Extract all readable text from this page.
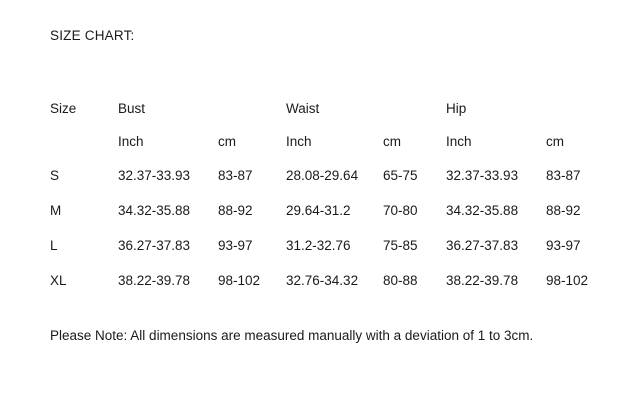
SIZE CHART:
Size	Bust		Waist		Hip	
	Inch	cm	Inch	cm	Inch	cm
S	32.37-33.93	83-87	28.08-29.64	65-75	32.37-33.93	83-87
M	34.32-35.88	88-92	29.64-31.2	70-80	34.32-35.88	88-92
L	36.27-37.83	93-97	31.2-32.76	75-85	36.27-37.83	93-97
XL	38.22-39.78	98-102	32.76-34.32	80-88	38.22-39.78	98-102
Please Note: All dimensions are measured manually with a deviation of 1 to 3cm.
